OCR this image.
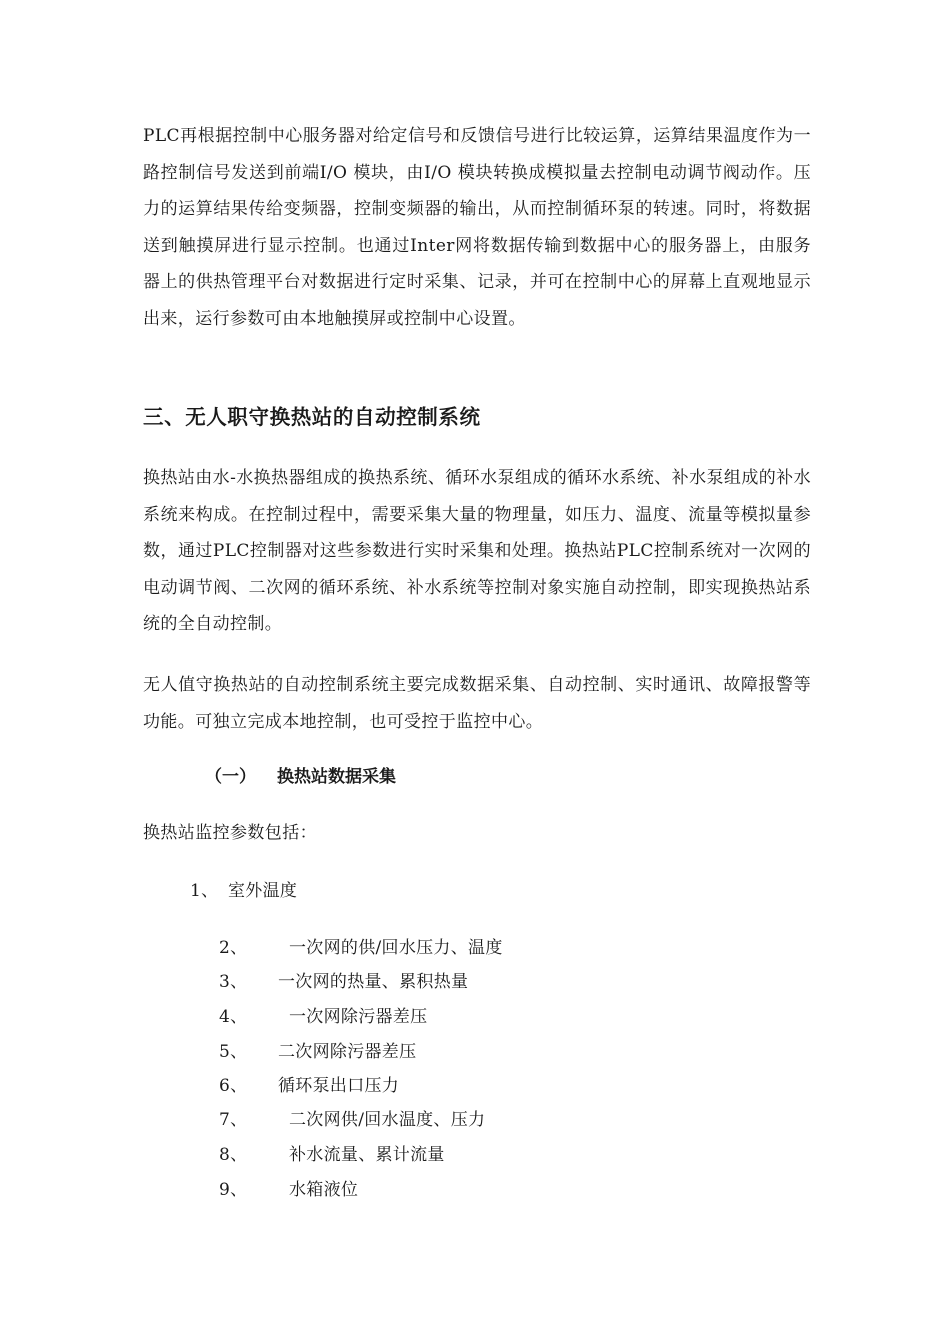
PLC再根据控制中心服务器对给定信号和反馈信号进行比较运算，运算结果温度作为一路控制信号发送到前端I/O 模块，由I/O 模块转换成模拟量去控制电动调节阀动作。压力的运算结果传给变频器，控制变频器的输出，从而控制循环泵的转速。同时，将数据送到触摸屏进行显示控制。也通过Inter网将数据传输到数据中心的服务器上，由服务器上的供热管理平台对数据进行定时采集、记录，并可在控制中心的屏幕上直观地显示出来，运行参数可由本地触摸屏或控制中心设置。

三、无人职守换热站的自动控制系统

换热站由水-水换热器组成的换热系统、循环水泵组成的循环水系统、补水泵组成的补水系统来构成。在控制过程中，需要采集大量的物理量，如压力、温度、流量等模拟量参数，通过PLC控制器对这些参数进行实时采集和处理。换热站PLC控制系统对一次网的电动调节阀、二次网的循环系统、补水系统等控制对象实施自动控制，即实现换热站系统的全自动控制。

无人值守换热站的自动控制系统主要完成数据采集、自动控制、实时通讯、故障报警等功能。可独立完成本地控制，也可受控于监控中心。

（一） 换热站数据采集

换热站监控参数包括：

1、 室外温度
2、 一次网的供/回水压力、温度
3、 一次网的热量、累积热量
4、 一次网除污器差压
5、 二次网除污器差压
6、 循环泵出口压力
7、 二次网供/回水温度、压力
8、 补水流量、累计流量
9、 水箱液位
